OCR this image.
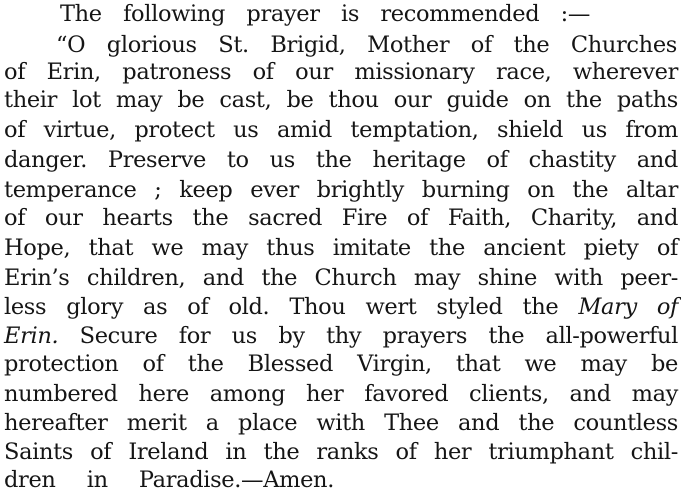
The following prayer is recommended :—
“O glorious St. Brigid, Mother of the Churches
of Erin, patroness of our missionary race, wherever
their lot may be cast, be thou our guide on the paths
of virtue, protect us amid temptation, shield us from
danger. Preserve to us the heritage of chastity and
temperance ; keep ever brightly burning on the altar
of our hearts the sacred Fire of Faith, Charity, and
Hope, that we may thus imitate the ancient piety of
Erin’s children, and the Church may shine with peer-
less glory as of old. Thou wert styled the Mary of
Erin. Secure for us by thy prayers the all-powerful
protection of the Blessed Virgin, that we may be
numbered here among her favored clients, and may
hereafter merit a place with Thee and the countless
Saints of Ireland in the ranks of her triumphant chil-
dren in Paradise.—Amen.
